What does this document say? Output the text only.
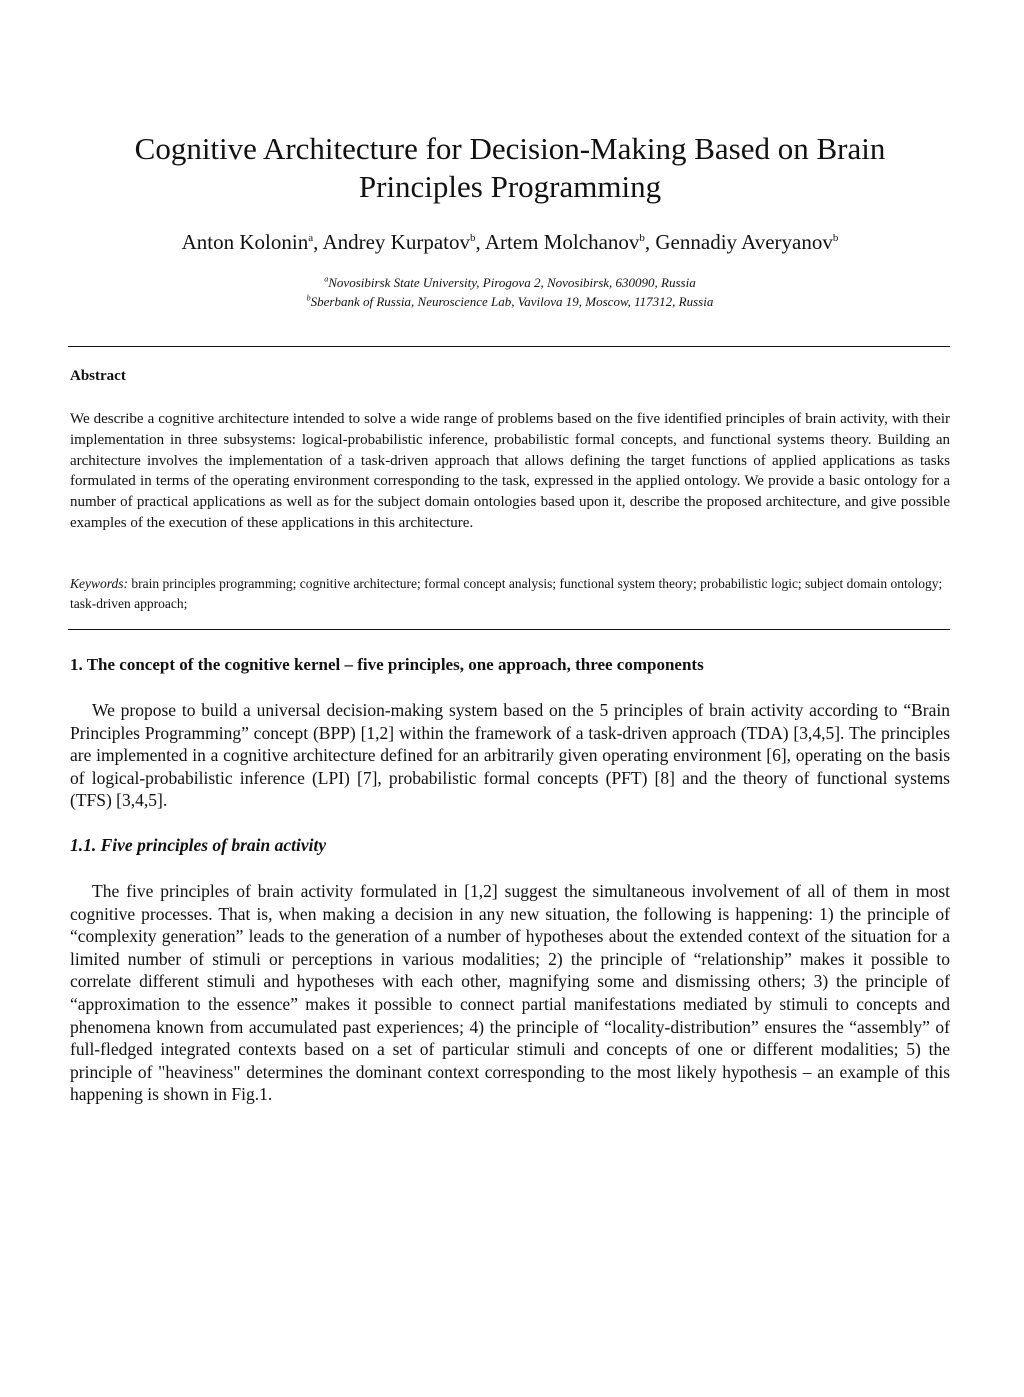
Cognitive Architecture for Decision-Making Based on Brain Principles Programming
Anton Kolonin$^a$, Andrey Kurpatov$^b$, Artem Molchanov$^b$, Gennadiy Averyanov$^b$
$^a$Novosibirsk State University, Pirogova 2, Novosibirsk, 630090, Russia
$^b$Sberbank of Russia, Neuroscience Lab, Vavilova 19, Moscow, 117312, Russia
Abstract

We describe a cognitive architecture intended to solve a wide range of problems based on the five identified principles of brain activity, with their implementation in three subsystems: logical-probabilistic inference, probabilistic formal concepts, and functional systems theory. Building an architecture involves the implementation of a task-driven approach that allows defining the target functions of applied applications as tasks formulated in terms of the operating environment corresponding to the task, expressed in the applied ontology. We provide a basic ontology for a number of practical applications as well as for the subject domain ontologies based upon it, describe the proposed architecture, and give possible examples of the execution of these applications in this architecture.

Keywords: brain principles programming; cognitive architecture; formal concept analysis; functional system theory; probabilistic logic; subject domain ontology; task-driven approach;

1. The concept of the cognitive kernel – five principles, one approach, three components

We propose to build a universal decision-making system based on the 5 principles of brain activity according to “Brain Principles Programming” concept (BPP) [1,2] within the framework of a task-driven approach (TDA) [3,4,5]. The principles are implemented in a cognitive architecture defined for an arbitrarily given operating environment [6], operating on the basis of logical-probabilistic inference (LPI) [7], probabilistic formal concepts (PFT) [8] and the theory of functional systems (TFS) [3,4,5].

1.1. Five principles of brain activity

The five principles of brain activity formulated in [1,2] suggest the simultaneous involvement of all of them in most cognitive processes. That is, when making a decision in any new situation, the following is happening: 1) the principle of “complexity generation” leads to the generation of a number of hypotheses about the extended context of the situation for a limited number of stimuli or perceptions in various modalities; 2) the principle of “relationship” makes it possible to correlate different stimuli and hypotheses with each other, magnifying some and dismissing others; 3) the principle of “approximation to the essence” makes it possible to connect partial manifestations mediated by stimuli to concepts and phenomena known from accumulated past experiences; 4) the principle of “locality-distribution” ensures the “assembly” of full-fledged integrated contexts based on a set of particular stimuli and concepts of one or different modalities; 5) the principle of "heaviness" determines the dominant context corresponding to the most likely hypothesis – an example of this happening is shown in Fig.1.
